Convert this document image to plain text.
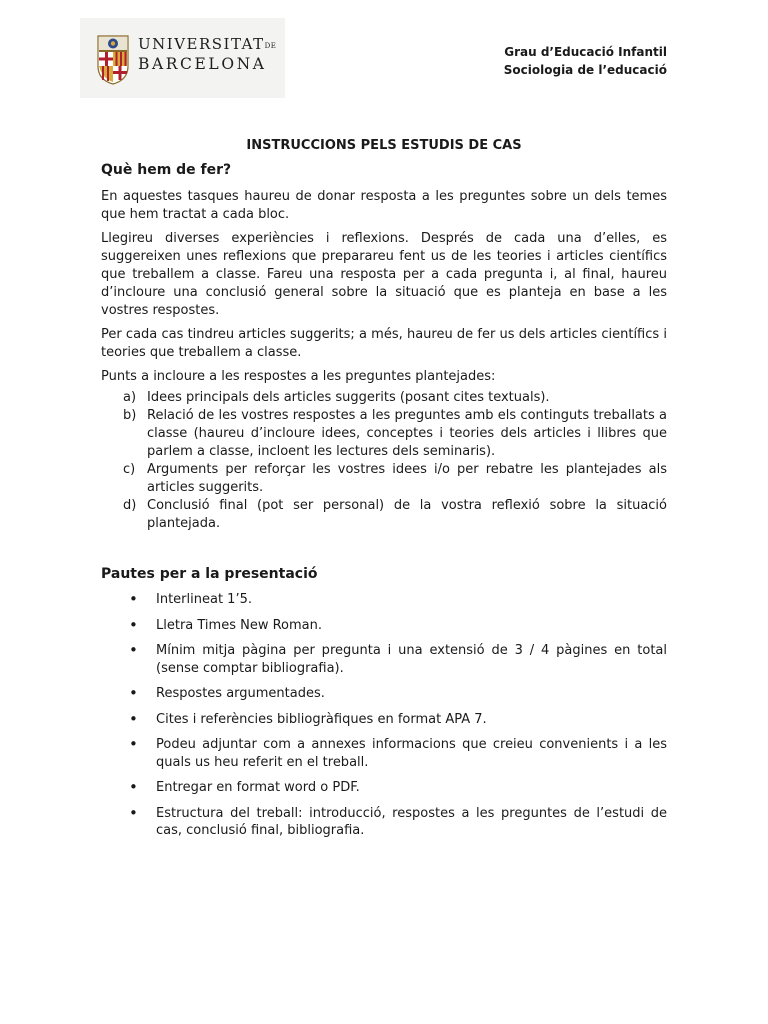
UNIVERSITATDE
BARCELONA
Grau d’Educació Infantil
Sociologia de l’educació
INSTRUCCIONS PELS ESTUDIS DE CAS
Què hem de fer?

En aquestes tasques haureu de donar resposta a les preguntes sobre un dels temes que hem tractat a cada bloc.

Llegireu diverses experiències i reflexions. Després de cada una d’elles, es suggereixen unes reflexions que preparareu fent us de les teories i articles científics que treballem a classe. Fareu una resposta per a cada pregunta i, al final, haureu d’incloure una conclusió general sobre la situació que es planteja en base a les vostres respostes.

Per cada cas tindreu articles suggerits; a més, haureu de fer us dels articles científics i teories que treballem a classe.

Punts a incloure a les respostes a les preguntes plantejades:

a) Idees principals dels articles suggerits (posant cites textuals).
b) Relació de les vostres respostes a les preguntes amb els continguts treballats a classe (haureu d’incloure idees, conceptes i teories dels articles i llibres que parlem a classe, incloent les lectures dels seminaris).
c) Arguments per reforçar les vostres idees i/o per rebatre les plantejades als articles suggerits.
d) Conclusió final (pot ser personal) de la vostra reflexió sobre la situació plantejada.
Pautes per a la presentació
• Interlineat 1’5.
• Lletra Times New Roman.
• Mínim mitja pàgina per pregunta i una extensió de 3 / 4 pàgines en total (sense comptar bibliografia).
• Respostes argumentades.
• Cites i referències bibliogràfiques en format APA 7.
• Podeu adjuntar com a annexes informacions que creieu convenients i a les quals us heu referit en el treball.
• Entregar en format word o PDF.
• Estructura del treball: introducció, respostes a les preguntes de l’estudi de cas, conclusió final, bibliografia.
